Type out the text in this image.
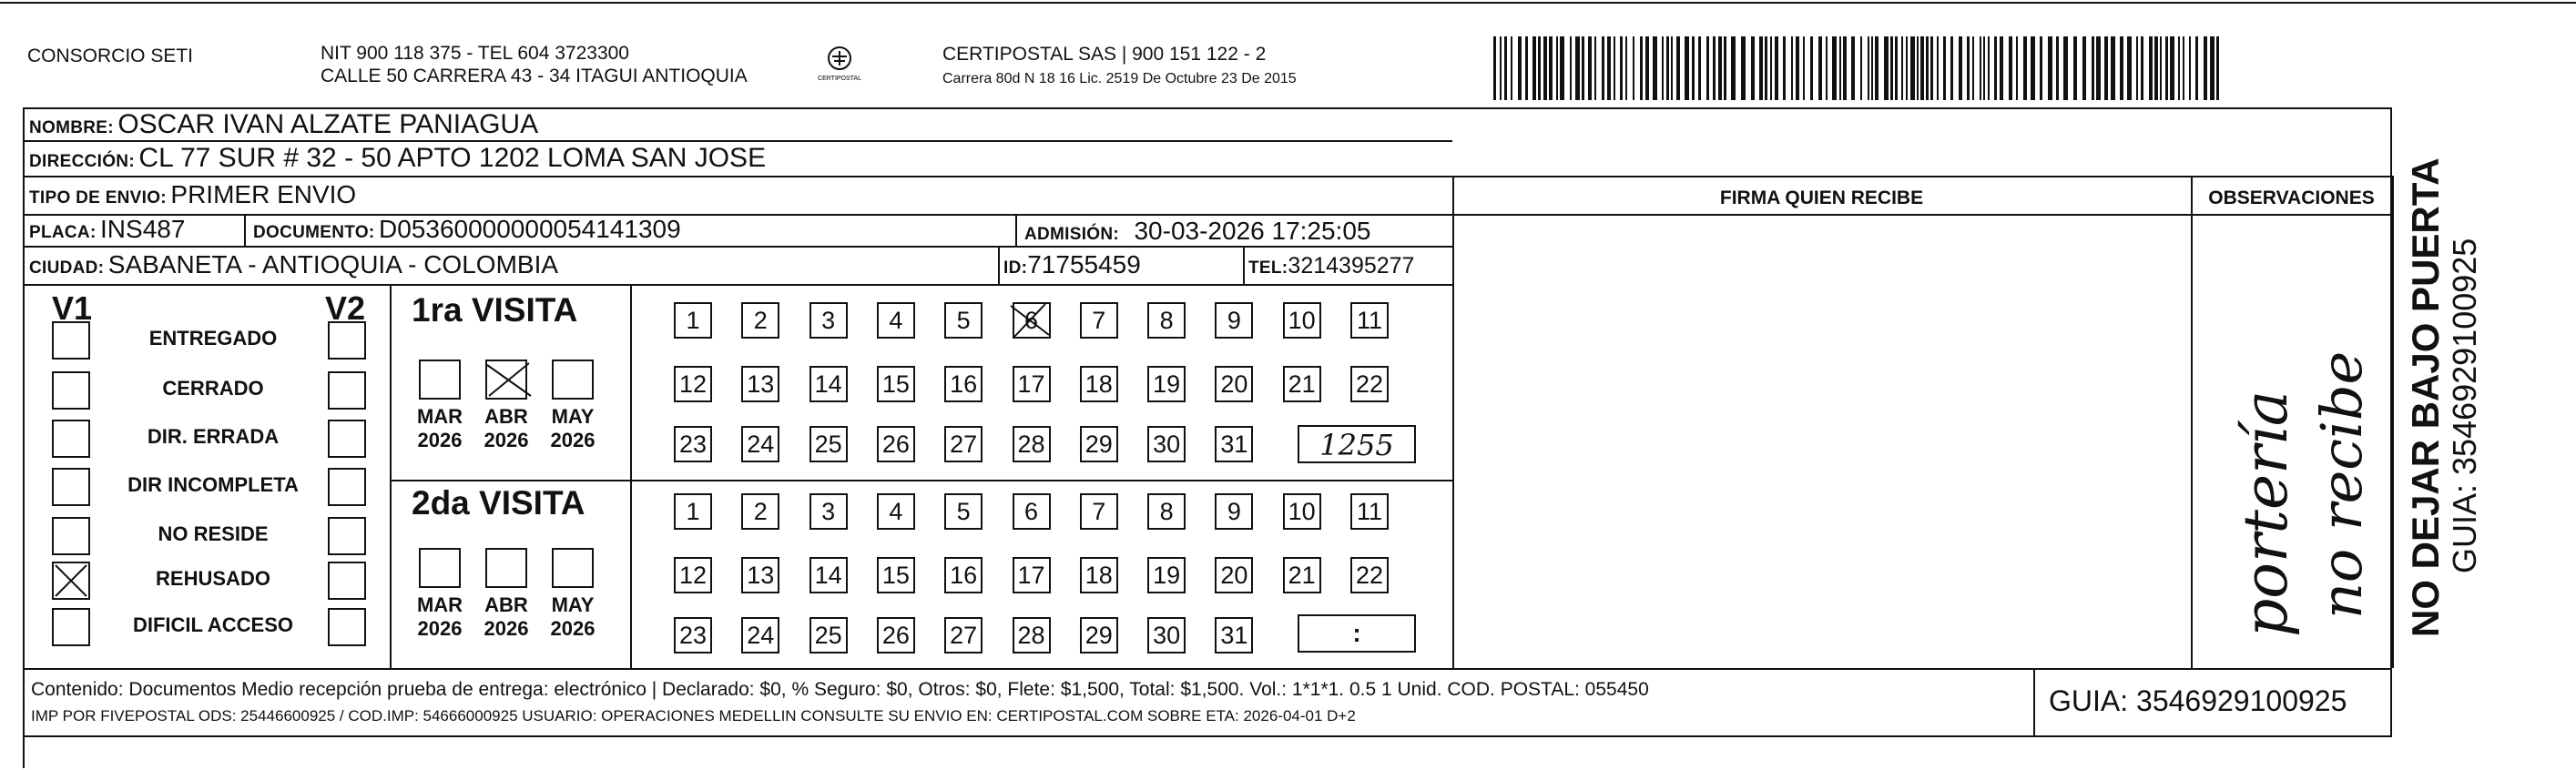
CONSORCIO SETI	NIT 900 118 375 - TEL 604 3723300
CALLE 50 CARRERA 43 - 34 ITAGUI ANTIOQUIA	CERTIPOSTAL
CERTIPOSTAL SAS | 900 151 122 - 2
Carrera 80d N 18 16 Lic. 2519 De Octubre 23 De 2015
NOMBRE: OSCAR IVAN ALZATE PANIAGUA
DIRECCIÓN: CL 77 SUR # 32 - 50 APTO 1202 LOMA SAN JOSE
TIPO DE ENVIO: PRIMER ENVIO
PLACA: INS487	DOCUMENTO: D05360000000054141309	ADMISIÓN: 30-03-2026 17:25:05
CIUDAD: SABANETA - ANTIOQUIA - COLOMBIA	ID:71755459	TEL:3214395277
FIRMA QUIEN RECIBE	OBSERVACIONES
portería no recibe
V1	V2
ENTREGADO
CERRADO
DIR. ERRADA
DIR INCOMPLETA
NO RESIDE
REHUSADO
DIFICIL ACCESO
1ra VISITA
2da VISITA
MAR
2026
ABR
2026
MAY
2026
MAR
2026
ABR
2026
MAY
2026
1	2	3	4	5	6	7	8	9	10 11
12 13 14 15 16 17 18 19 20 21 22
23 24 25 26 27 28 29 30 31
1	2	3	4	5	6	7	8	9	10 11
12 13 14 15 16 17 18 19 20 21 22
23 24 25 26 27 28 29 30 31
1255
:
Contenido: Documentos Medio recepción prueba de entrega: electrónico | Declarado: $0, % Seguro: $0, Otros: $0, Flete: $1,500, Total: $1,500. Vol.: 1*1*1. 0.5 1 Unid. COD. POSTAL: 055450
IMP POR FIVEPOSTAL ODS: 25446600925 / COD.IMP: 54666000925 USUARIO: OPERACIONES MEDELLIN CONSULTE SU ENVIO EN: CERTIPOSTAL.COM SOBRE ETA: 2026-04-01 D+2	GUIA: 3546929100925
NO DEJAR BAJO PUERTA GUIA: 3546929100925
